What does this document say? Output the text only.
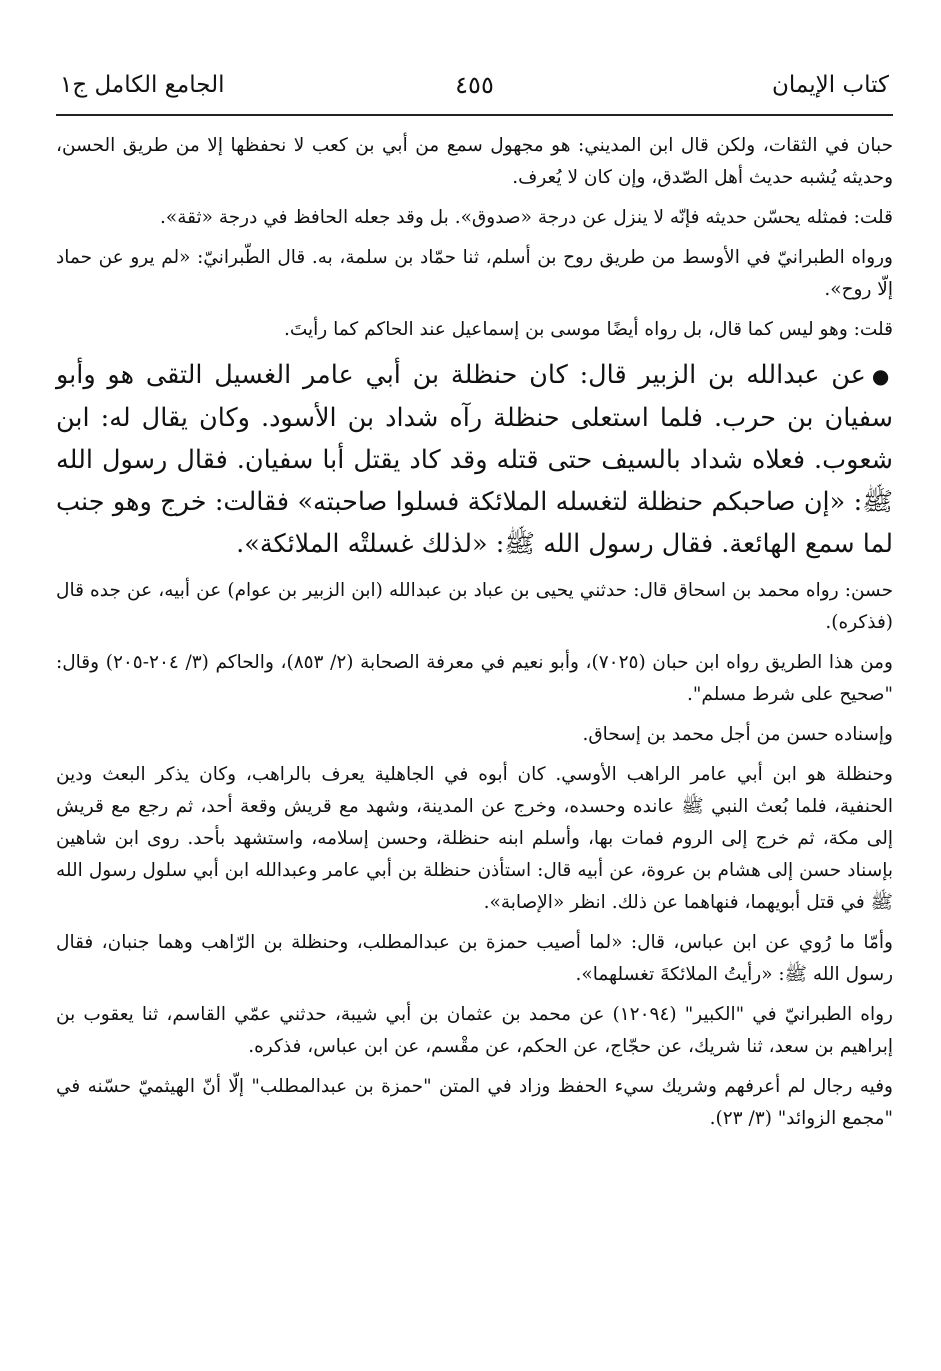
كتاب الإيمان
٤٥٥
الجامع الكامل ج١

حبان في الثقات، ولكن قال ابن المديني: هو مجهول سمع من أبي بن كعب لا نحفظها إلا من طريق الحسن، وحديثه يُشبه حديث أهل الصّدق، وإن كان لا يُعرف.

قلت: فمثله يحسّن حديثه فإنّه لا ينزل عن درجة «صدوق». بل وقد جعله الحافظ في درجة «ثقة».

ورواه الطبرانيّ في الأوسط من طريق روح بن أسلم، ثنا حمّاد بن سلمة، به. قال الطّبرانيّ: «لم يرو عن حماد إلّا روح».

قلت: وهو ليس كما قال، بل رواه أيضًا موسى بن إسماعيل عند الحاكم كما رأيتَ.

●عن عبدالله بن الزبير قال: كان حنظلة بن أبي عامر الغسيل التقى هو وأبو سفيان بن حرب. فلما استعلى حنظلة رآه شداد بن الأسود. وكان يقال له: ابن شعوب. فعلاه شداد بالسيف حتى قتله وقد كاد يقتل أبا سفيان. فقال رسول الله ﷺ: «إن صاحبكم حنظلة لتغسله الملائكة فسلوا صاحبته» فقالت: خرج وهو جنب لما سمع الهائعة. فقال رسول الله ﷺ: «لذلك غسلتْه الملائكة».

حسن: رواه محمد بن اسحاق قال: حدثني يحيى بن عباد بن عبدالله (ابن الزبير بن عوام) عن أبيه، عن جده قال (فذكره).

ومن هذا الطريق رواه ابن حبان (٧٠٢٥)، وأبو نعيم في معرفة الصحابة (٢/ ٨٥٣)، والحاكم (٣/ ٢٠٤-٢٠٥) وقال: "صحيح على شرط مسلم".

وإسناده حسن من أجل محمد بن إسحاق.

وحنظلة هو ابن أبي عامر الراهب الأوسي. كان أبوه في الجاهلية يعرف بالراهب، وكان يذكر البعث ودين الحنفية، فلما بُعث النبي ﷺ عانده وحسده، وخرج عن المدينة، وشهد مع قريش وقعة أحد، ثم رجع مع قريش إلى مكة، ثم خرج إلى الروم فمات بها، وأسلم ابنه حنظلة، وحسن إسلامه، واستشهد بأحد. روى ابن شاهين بإسناد حسن إلى هشام بن عروة، عن أبيه قال: استأذن حنظلة بن أبي عامر وعبدالله ابن أبي سلول رسول الله ﷺ في قتل أبويهما، فنهاهما عن ذلك. انظر «الإصابة».

وأمّا ما رُوي عن ابن عباس، قال: «لما أصيب حمزة بن عبدالمطلب، وحنظلة بن الرّاهب وهما جنبان، فقال رسول الله ﷺ: «رأيتُ الملائكةَ تغسلهما».

رواه الطبرانيّ في "الكبير" (١٢٠٩٤) عن محمد بن عثمان بن أبي شيبة، حدثني عمّي القاسم، ثنا يعقوب بن إبراهيم بن سعد، ثنا شريك، عن حجّاج، عن الحكم، عن مقْسم، عن ابن عباس، فذكره.

وفيه رجال لم أعرفهم وشريك سيء الحفظ وزاد في المتن "حمزة بن عبدالمطلب" إلّا أنّ الهيثميّ حسّنه في "مجمع الزوائد" (٣/ ٢٣).
